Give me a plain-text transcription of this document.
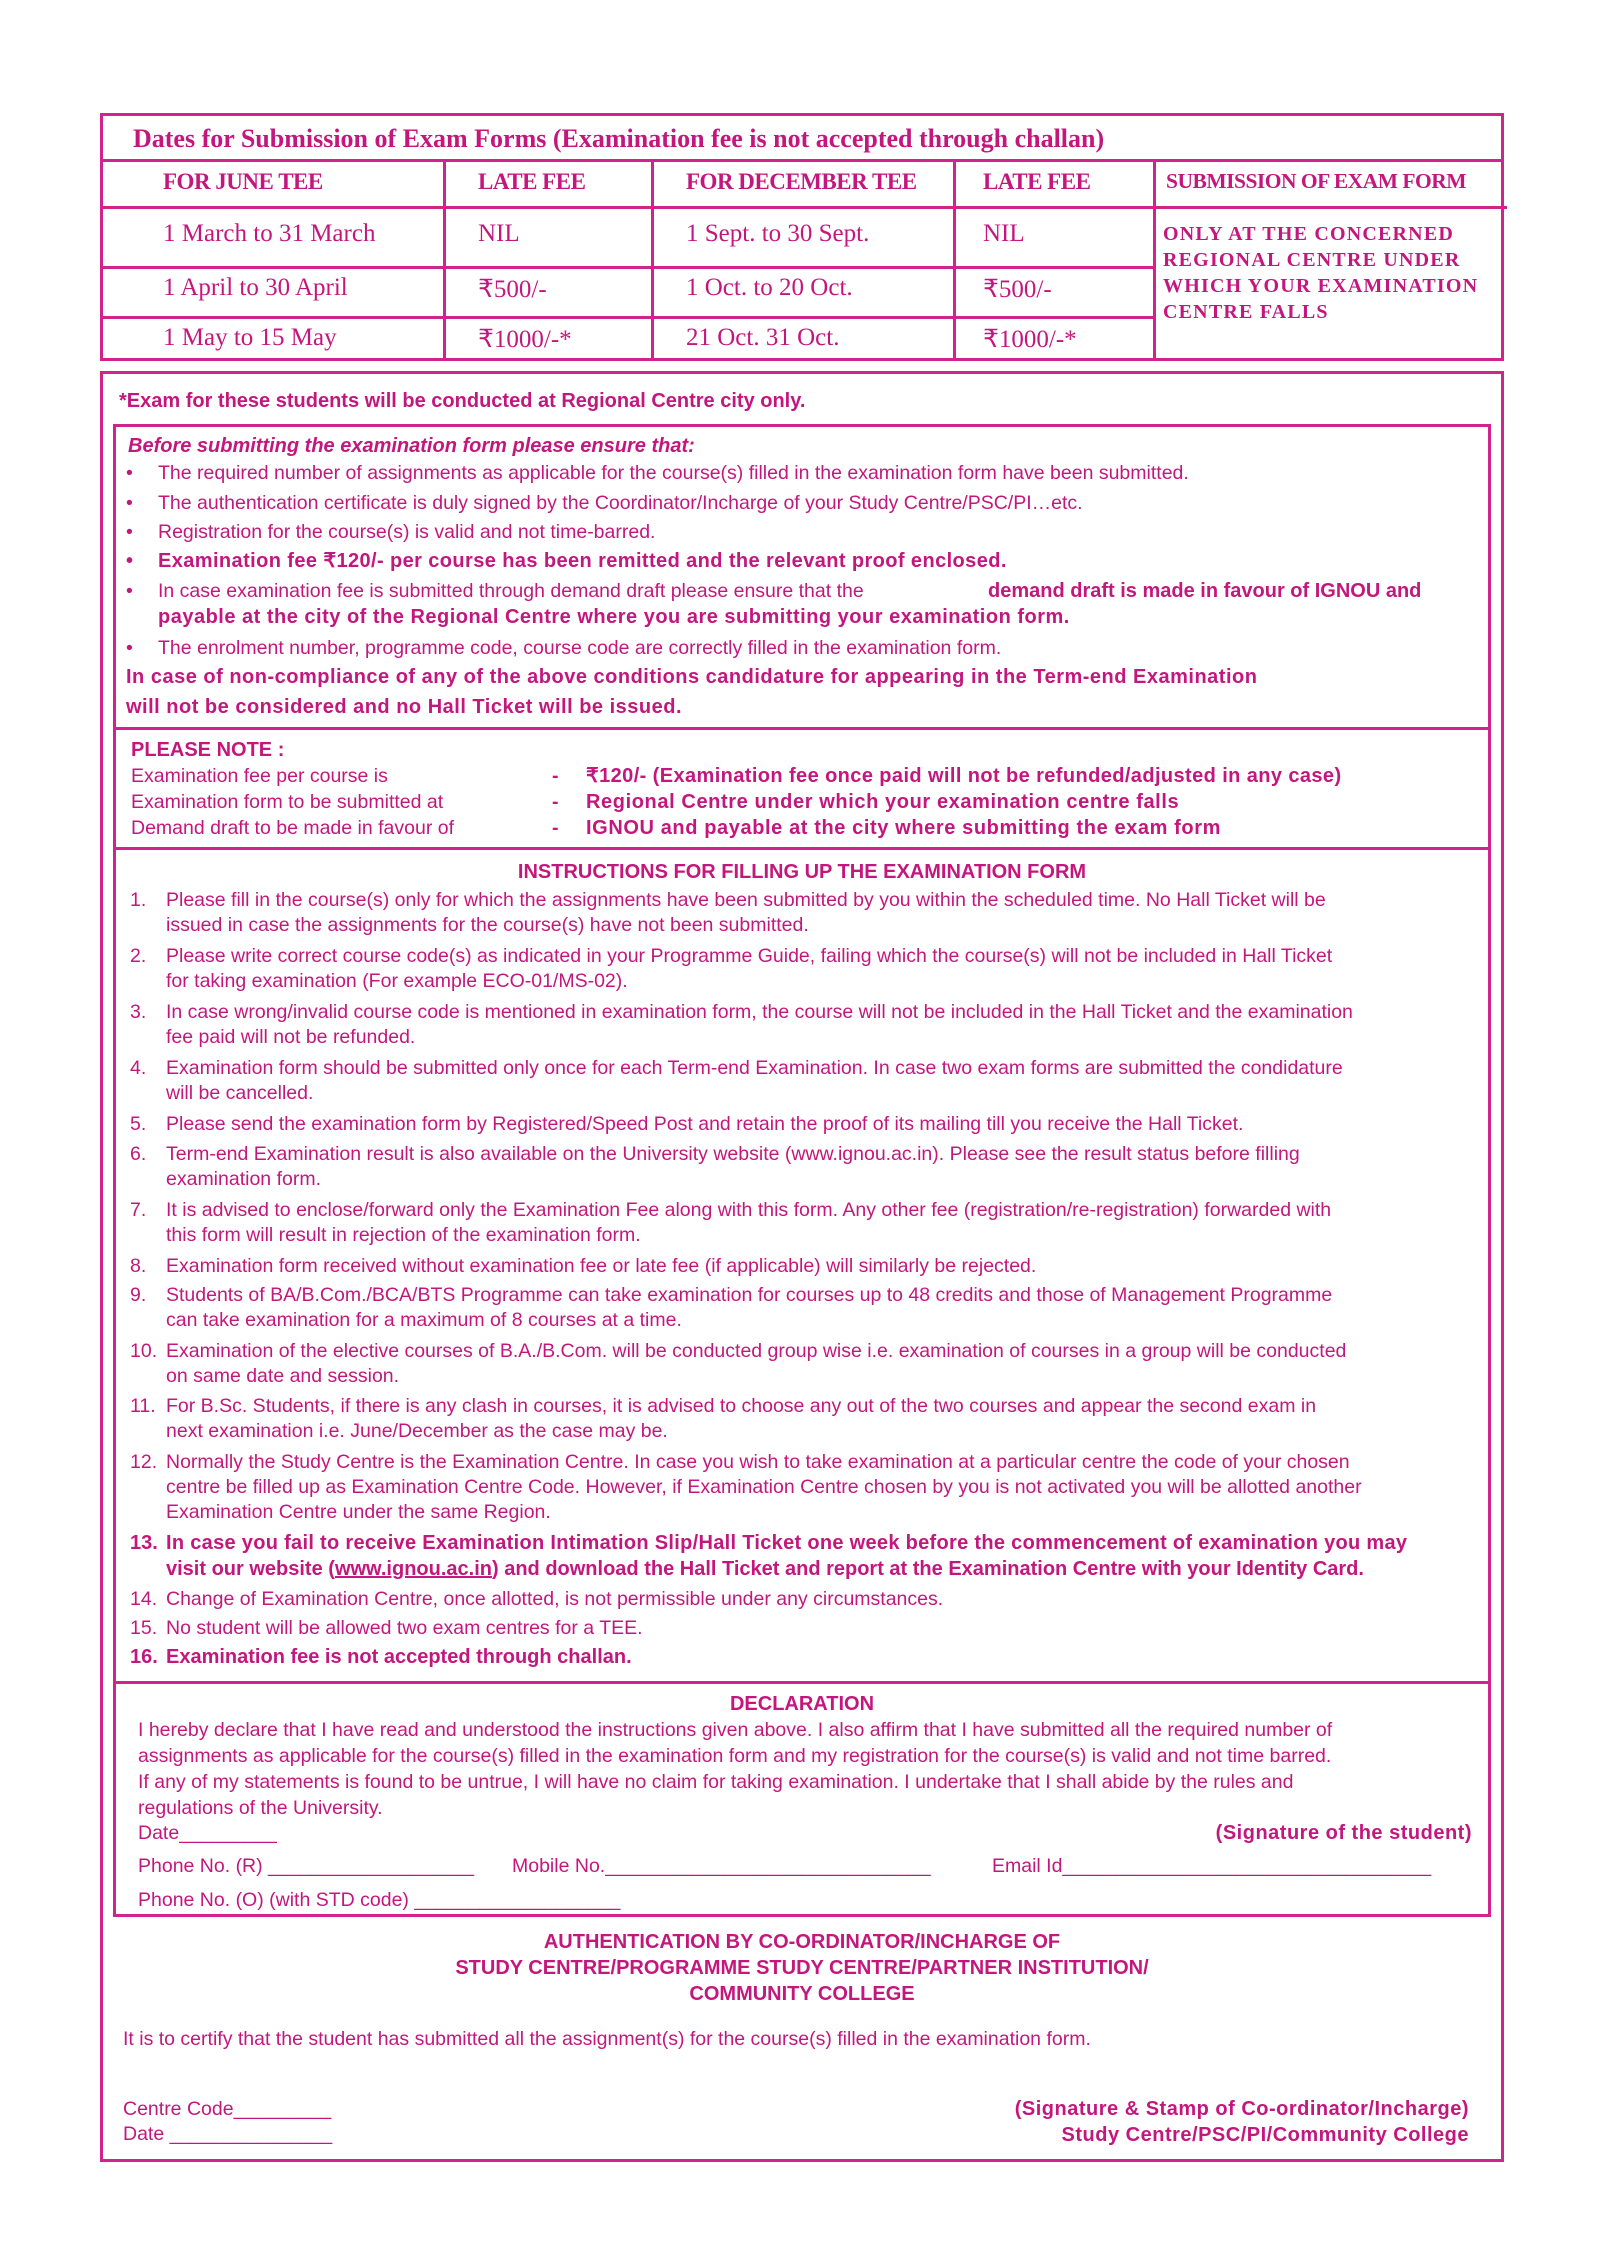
Dates for Submission of Exam Forms (Examination fee is not accepted through challan)
FOR JUNE TEE	LATE FEE	FOR DECEMBER TEE	LATE FEE	SUBMISSION OF EXAM FORM
1 March to 31 March	NIL	1 Sept. to 30 Sept.	NIL
1 April to 30 April	₹500/-	1 Oct. to 20 Oct.	₹500/-
1 May to 15 May	₹1000/-*	21 Oct. 31 Oct.	₹1000/-*
ONLY AT THE CONCERNED
REGIONAL CENTRE UNDER
WHICH YOUR EXAMINATION
CENTRE FALLS
*Exam for these students will be conducted at Regional Centre city only.
Before submitting the examination form please ensure that:
• The required number of assignments as applicable for the course(s) filled in the examination form have been submitted.
• The authentication certificate is duly signed by the Coordinator/Incharge of your Study Centre/PSC/PI…etc.
• Registration for the course(s) is valid and not time-barred.
• Examination fee ₹120/- per course has been remitted and the relevant proof enclosed.
• In case examination fee is submitted through demand draft please ensure that the	demand draft is made in favour of IGNOU and
payable at the city of the Regional Centre where you are submitting your examination form.
• The enrolment number, programme code, course code are correctly filled in the examination form.
In case of non-compliance of any of the above conditions candidature for appearing in the Term-end Examination
will not be considered and no Hall Ticket will be issued.
PLEASE NOTE :
Examination fee per course is	- ₹120/- (Examination fee once paid will not be refunded/adjusted in any case)
Examination form to be submitted at	- Regional Centre under which your examination centre falls
Demand draft to be made in favour of	- IGNOU and payable at the city where submitting the exam form
INSTRUCTIONS FOR FILLING UP THE EXAMINATION FORM
1. Please fill in the course(s) only for which the assignments have been submitted by you within the scheduled time. No Hall Ticket will be
issued in case the assignments for the course(s) have not been submitted.
2. Please write correct course code(s) as indicated in your Programme Guide, failing which the course(s) will not be included in Hall Ticket
for taking examination (For example ECO-01/MS-02).
3. In case wrong/invalid course code is mentioned in examination form, the course will not be included in the Hall Ticket and the examination
fee paid will not be refunded.
4. Examination form should be submitted only once for each Term-end Examination. In case two exam forms are submitted the condidature
will be cancelled.
5. Please send the examination form by Registered/Speed Post and retain the proof of its mailing till you receive the Hall Ticket.
6. Term-end Examination result is also available on the University website (www.ignou.ac.in). Please see the result status before filling
examination form.
7. It is advised to enclose/forward only the Examination Fee along with this form. Any other fee (registration/re-registration) forwarded with
this form will result in rejection of the examination form.
8. Examination form received without examination fee or late fee (if applicable) will similarly be rejected.
9. Students of BA/B.Com./BCA/BTS Programme can take examination for courses up to 48 credits and those of Management Programme
can take examination for a maximum of 8 courses at a time.
10. Examination of the elective courses of B.A./B.Com. will be conducted group wise i.e. examination of courses in a group will be conducted
on same date and session.
11. For B.Sc. Students, if there is any clash in courses, it is advised to choose any out of the two courses and appear the second exam in
next examination i.e. June/December as the case may be.
12. Normally the Study Centre is the Examination Centre. In case you wish to take examination at a particular centre the code of your chosen
centre be filled up as Examination Centre Code. However, if Examination Centre chosen by you is not activated you will be allotted another
Examination Centre under the same Region.
13. In case you fail to receive Examination Intimation Slip/Hall Ticket one week before the commencement of examination you may
visit our website (www.ignou.ac.in) and download the Hall Ticket and report at the Examination Centre with your Identity Card.
14. Change of Examination Centre, once allotted, is not permissible under any circumstances.
15. No student will be allowed two exam centres for a TEE.
16. Examination fee is not accepted through challan.
DECLARATION
I hereby declare that I have read and understood the instructions given above. I also affirm that I have submitted all the required number of
assignments as applicable for the course(s) filled in the examination form and my registration for the course(s) is valid and not time barred.
If any of my statements is found to be untrue, I will have no claim for taking examination. I undertake that I shall abide by the rules and
regulations of the University.
Date_________	(Signature of the student)
Phone No. (R) ___________________ Mobile No.______________________________	Email Id__________________________________
Phone No. (O) (with STD code) ___________________
AUTHENTICATION BY CO-ORDINATOR/INCHARGE OF
STUDY CENTRE/PROGRAMME STUDY CENTRE/PARTNER INSTITUTION/
COMMUNITY COLLEGE
It is to certify that the student has submitted all the assignment(s) for the course(s) filled in the examination form.
Centre Code_________
Date _______________
(Signature & Stamp of Co-ordinator/Incharge)
Study Centre/PSC/PI/Community College
